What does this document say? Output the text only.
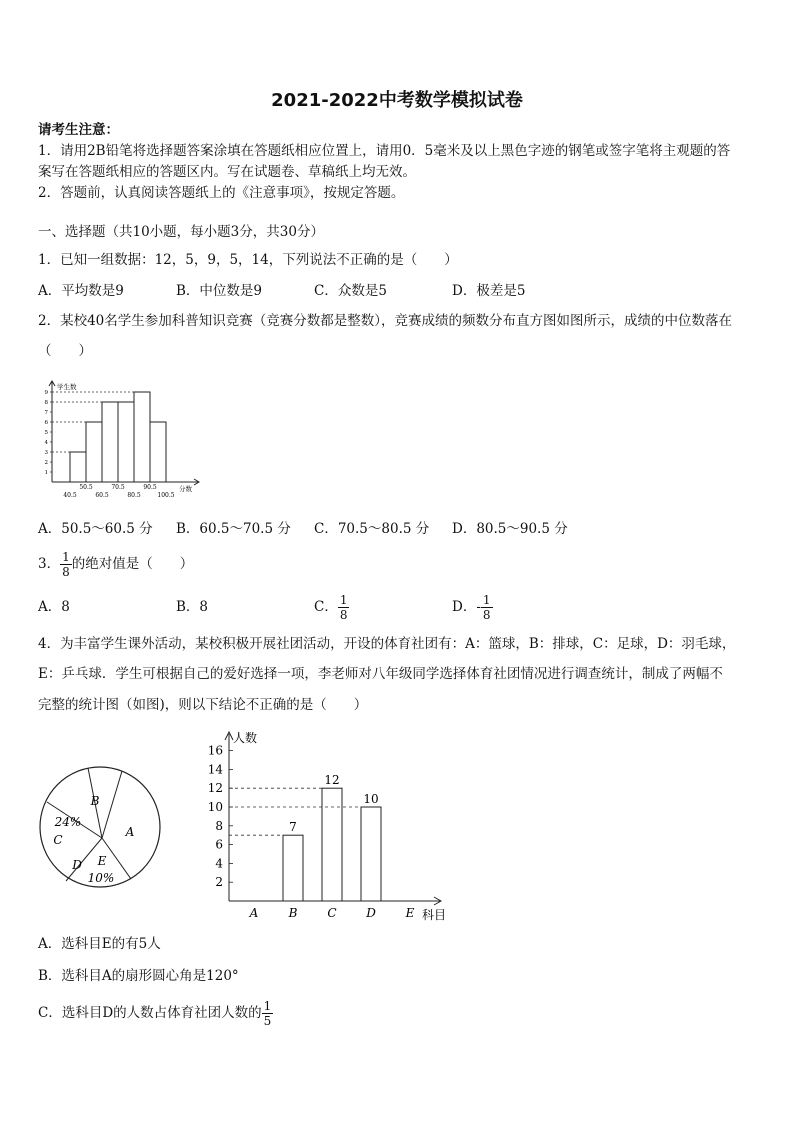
2021-2022中考数学模拟试卷
请考生注意：
1．请用2B铅笔将选择题答案涂填在答题纸相应位置上，请用0．5毫米及以上黑色字迹的钢笔或签字笔将主观题的答
案写在答题纸相应的答题区内。写在试题卷、草稿纸上均无效。
2．答题前，认真阅读答题纸上的《注意事项》，按规定答题。
一、选择题（共10小题，每小题3分，共30分）
1．已知一组数据：12，5，9，5，14，下列说法不正确的是（　　）
A．平均数是9	B．中位数是9	C．众数是5	D．极差是5
2．某校40名学生参加科普知识竞赛（竞赛分数都是整数），竞赛成绩的频数分布直方图如图所示，成绩的中位数落在
（　　）
学生数
分数
1
2
3
4
5
6
7
8
9
40.5
50.5
60.5
70.5
80.5
90.5
100.5
A．50.5～60.5 分 B．60.5～70.5 分 C．70.5～80.5 分 D．80.5～90.5 分
3． $\frac{1}{8}$ 的绝对值是（　　）
A．8	B．8	C． $\frac{1}{8}$	D．- $\frac{1}{8}$
4．为丰富学生课外活动，某校积极开展社团活动，开设的体育社团有：A：篮球，B：排球，C：足球，D：羽毛球，
E：乒乓球．学生可根据自己的爱好选择一项，李老师对八年级同学选择体育社团情况进行调查统计，制成了两幅不
完整的统计图（如图)，则以下结论不正确的是（　　）
B
24%
C
A
D E
10%
人数
科目
2
4
6
8
10
12
14
16
A	B C D E
7
12
10
A．选科目E的有5人
B．选科目A的扇形圆心角是120°
C．选科目D的人数占体育社团人数的 $\frac{1}{5}$
